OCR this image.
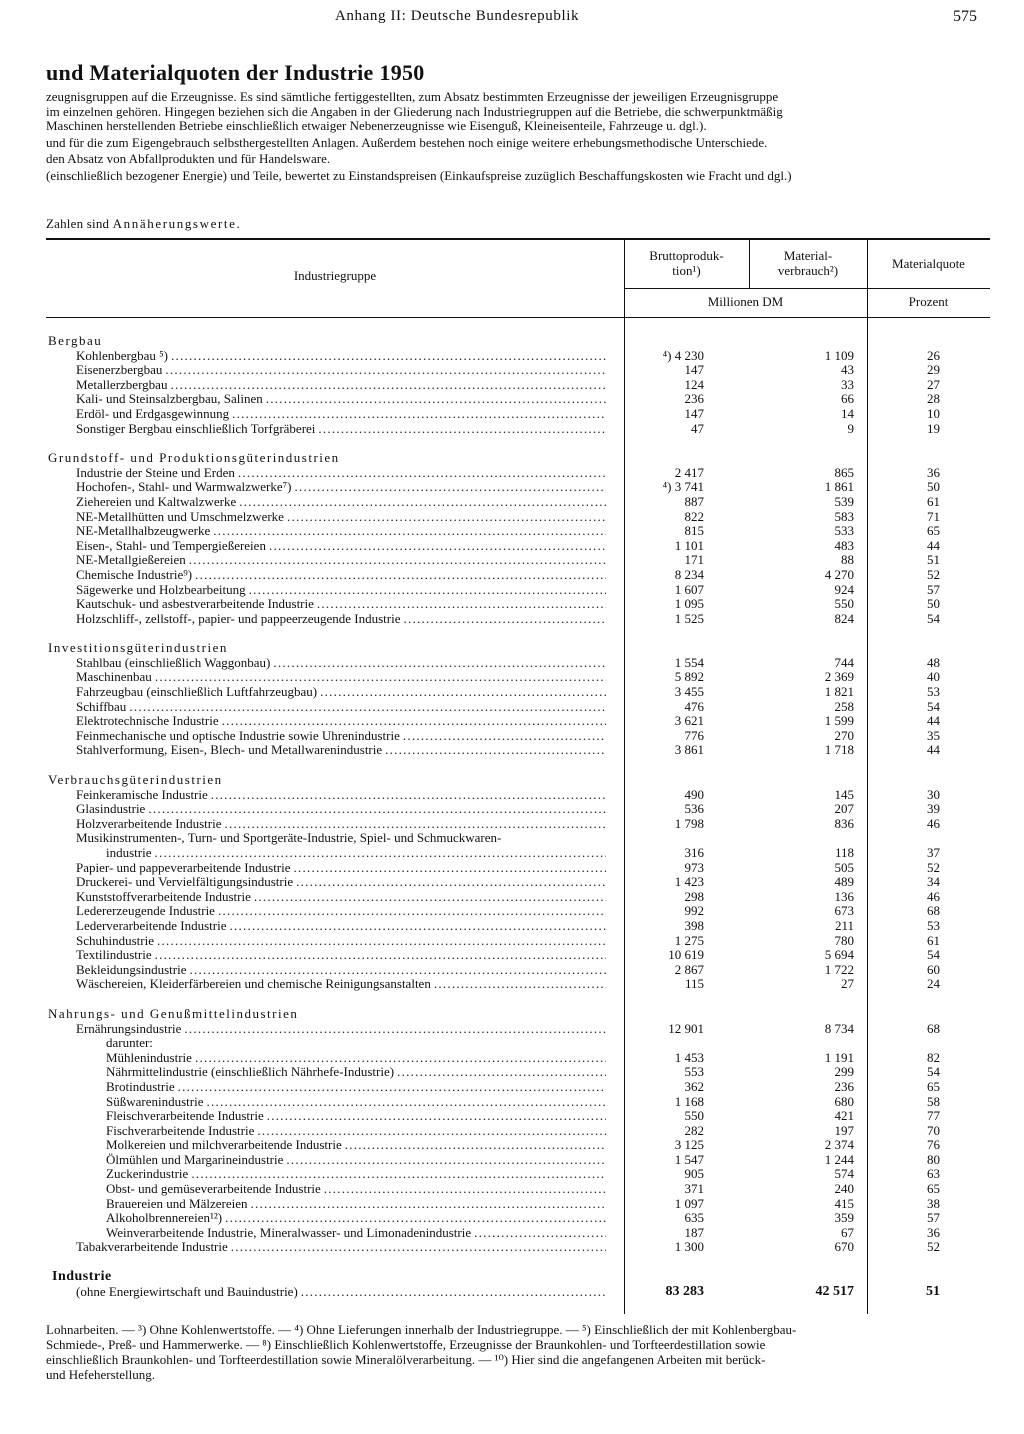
Anhang II: Deutsche Bundesrepublik	575
und Materialquoten der Industrie 1950
zeugnisgruppen auf die Erzeugnisse. Es sind sämtliche fertiggestellten, zum Absatz bestimmten Erzeugnisse der jeweiligen Erzeugnisgruppe
im einzelnen gehören. Hingegen beziehen sich die Angaben in der Gliederung nach Industriegruppen auf die Betriebe, die schwerpunktmäßig
Maschinen herstellenden Betriebe einschließlich etwaiger Nebenerzeugnisse wie Eisenguß, Kleineisenteile, Fahrzeuge u. dgl.).
und für die zum Eigengebrauch selbsthergestellten Anlagen. Außerdem bestehen noch einige weitere erhebungsmethodische Unterschiede.
den Absatz von Abfallprodukten und für Handelsware.
(einschließlich bezogener Energie) und Teile, bewertet zu Einstandspreisen (Einkaufspreise zuzüglich Beschaffungskosten wie Fracht und dgl.)
Zahlen sind Annäherungswerte.
Industriegruppe
Bruttoproduk-
tion¹)
Material-
verbrauch²)	Materialquote
Millionen DM	Prozent
Bergbau
Kohlenbergbau ⁵) . . .	⁴) 4 230	1 109	26
Eisenerzbergbau . . .	147	43	29
Metallerzbergbau . . .	124	33	27
Kali- und Steinsalzbergbau, Salinen . . .	236	66	28
Erdöl- und Erdgasgewinnung . . .	147	14	10
Sonstiger Bergbau einschließlich Torfgräberei . . .	47	9	19
Grundstoff- und Produktionsgüterindustrien
Industrie der Steine und Erden . . .	2 417	865	36
Hochofen-, Stahl- und Warmwalzwerke⁷) . . .	⁴) 3 741	1 861	50
Ziehereien und Kaltwalzwerke . . .	887	539	61
NE-Metallhütten und Umschmelzwerke . . .	822	583	71
NE-Metallhalbzeugwerke . . .	815	533	65
Eisen-, Stahl- und Tempergießereien . . .	1 101	483	44
NE-Metallgießereien . . .	171	88	51
Chemische Industrie⁹) . . .	8 234	4 270	52
Sägewerke und Holzbearbeitung . . .	1 607	924	57
Kautschuk- und asbestverarbeitende Industrie . . .	1 095	550	50
Holzschliff-, zellstoff-, papier- und pappeerzeugende Industrie . . .	1 525	824	54
Investitionsgüterindustrien
Stahlbau (einschließlich Waggonbau) . . .	1 554	744	48
Maschinenbau . . .	5 892	2 369	40
Fahrzeugbau (einschließlich Luftfahrzeugbau) . . .	3 455	1 821	53
Schiffbau . . .	476	258	54
Elektrotechnische Industrie . . .	3 621	1 599	44
Feinmechanische und optische Industrie sowie Uhrenindustrie . . .	776	270	35
Stahlverformung, Eisen-, Blech- und Metallwarenindustrie . . .	3 861	1 718	44
Verbrauchsgüterindustrien
Feinkeramische Industrie . . .	490	145	30
Glasindustrie . . .	536	207	39
Holzverarbeitende Industrie . . .	1 798	836	46
Musikinstrumenten-, Turn- und Sportgeräte-Industrie, Spiel- und Schmuckwaren-
industrie . . .	316	118	37
Papier- und pappeverarbeitende Industrie . . .	973	505	52
Druckerei- und Vervielfältigungsindustrie . . .	1 423	489	34
Kunststoffverarbeitende Industrie . . .	298	136	46
Ledererzeugende Industrie . . .	992	673	68
Lederverarbeitende Industrie . . .	398	211	53
Schuhindustrie . . .	1 275	780	61
Textilindustrie . . .	10 619	5 694	54
Bekleidungsindustrie . . .	2 867	1 722	60
Wäschereien, Kleiderfärbereien und chemische Reinigungsanstalten . . .	115	27	24
Nahrungs- und Genußmittelindustrien
Ernährungsindustrie . . .	12 901	8 734	68
darunter:
Mühlenindustrie . . .	1 453	1 191	82
Nährmittelindustrie (einschließlich Nährhefe-Industrie) . . .	553	299	54
Brotindustrie . . .	362	236	65
Süßwarenindustrie . . .	1 168	680	58
Fleischverarbeitende Industrie . . .	550	421	77
Fischverarbeitende Industrie . . .	282	197	70
Molkereien und milchverarbeitende Industrie . . .	3 125	2 374	76
Ölmühlen und Margarineindustrie . . .	1 547	1 244	80
Zuckerindustrie . . .	905	574	63
Obst- und gemüseverarbeitende Industrie . . .	371	240	65
Brauereien und Mälzereien . . .	1 097	415	38
Alkoholbrennereien¹²) . . .	635	359	57
Weinverarbeitende Industrie, Mineralwasser- und Limonadenindustrie . . .	187	67	36
Tabakverarbeitende Industrie . . .	1 300	670	52
Industrie
(ohne Energiewirtschaft und Bauindustrie) . . .	83 283	42 517	51
Lohnarbeiten. — ³) Ohne Kohlenwertstoffe. — ⁴) Ohne Lieferungen innerhalb der Industriegruppe. — ⁵) Einschließlich der mit Kohlenbergbau-
Schmiede-, Preß- und Hammerwerke. — ⁸) Einschließlich Kohlenwertstoffe, Erzeugnisse der Braunkohlen- und Torfteerdestillation sowie
einschließlich Braunkohlen- und Torfteerdestillation sowie Mineralölverarbeitung. — ¹⁰) Hier sind die angefangenen Arbeiten mit berück-
und Hefeherstellung.
